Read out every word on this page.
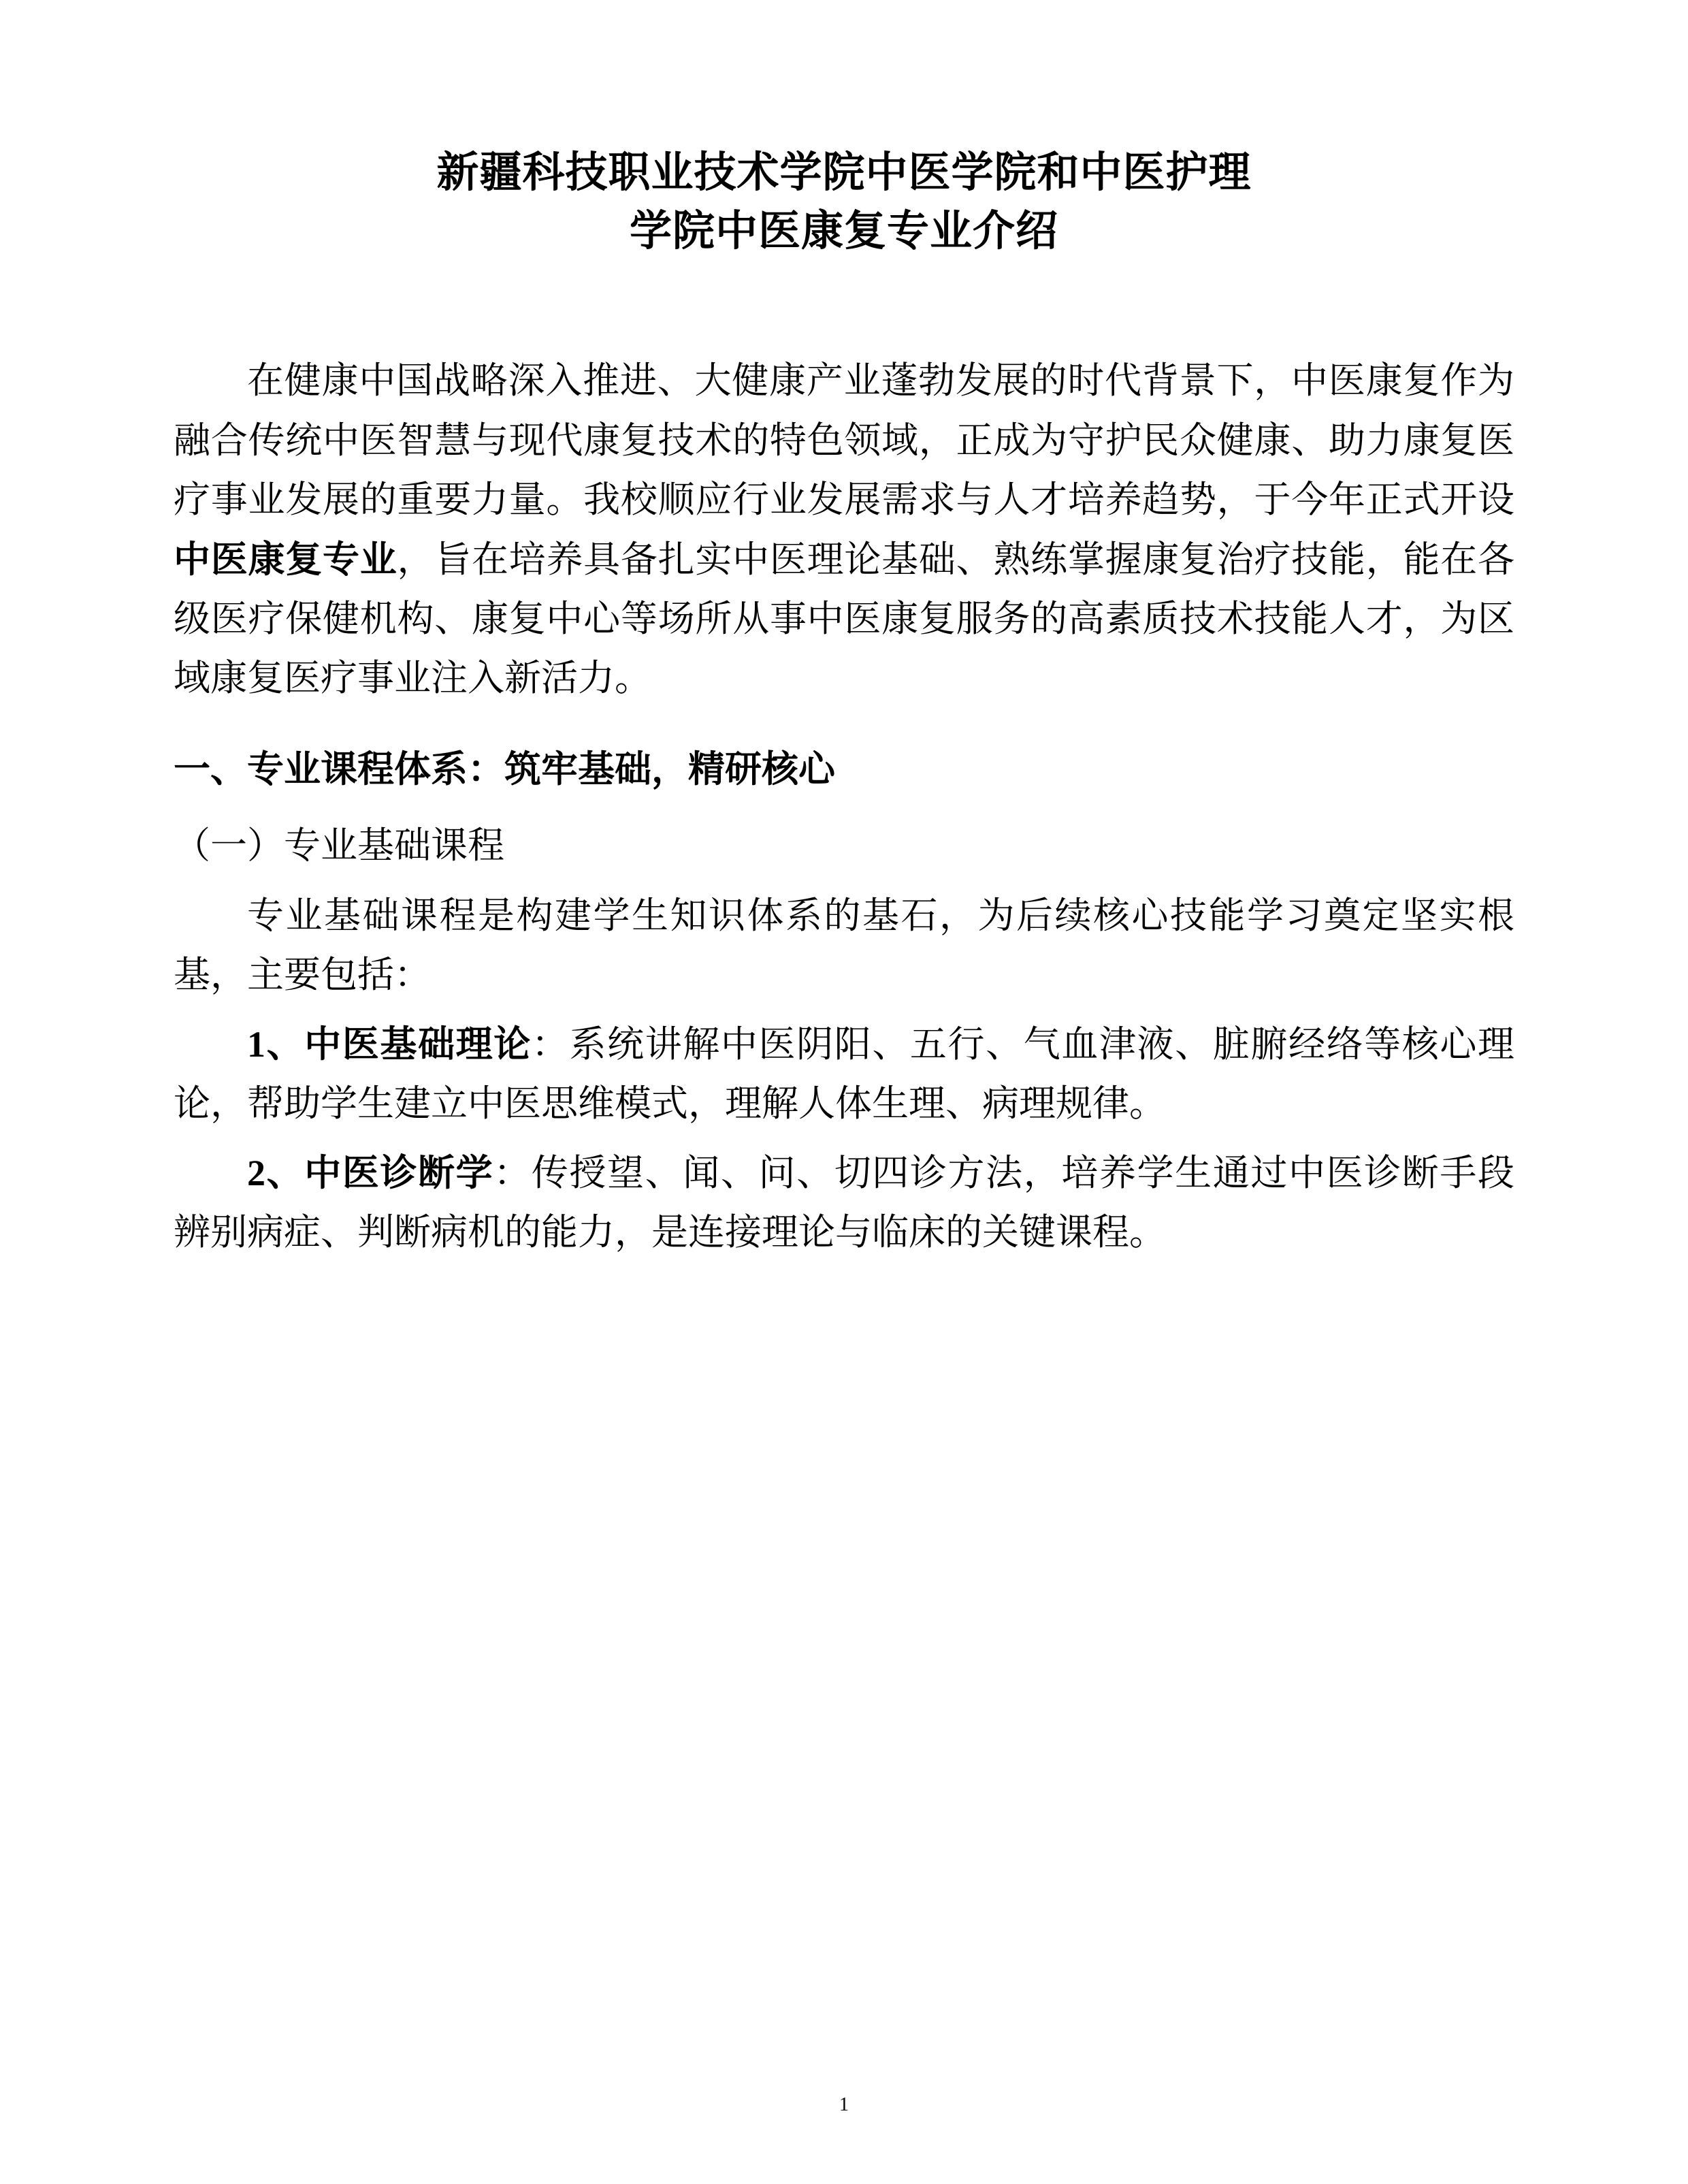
新疆科技职业技术学院中医学院和中医护理
学院中医康复专业介绍

在健康中国战略深入推进、大健康产业蓬勃发展的时代背景下，中医康复作为融合传统中医智慧与现代康复技术的特色领域，正成为守护民众健康、助力康复医疗事业发展的重要力量。我校顺应行业发展需求与人才培养趋势，于今年正式开设中医康复专业，旨在培养具备扎实中医理论基础、熟练掌握康复治疗技能，能在各级医疗保健机构、康复中心等场所从事中医康复服务的高素质技术技能人才，为区域康复医疗事业注入新活力。

一、专业课程体系：筑牢基础，精研核心
（一）专业基础课程

专业基础课程是构建学生知识体系的基石，为后续核心技能学习奠定坚实根基，主要包括：

1、中医基础理论：系统讲解中医阴阳、五行、气血津液、脏腑经络等核心理论，帮助学生建立中医思维模式，理解人体生理、病理规律。

2、中医诊断学：传授望、闻、问、切四诊方法，培养学生通过中医诊断手段辨别病症、判断病机的能力，是连接理论与临床的关键课程。

1
